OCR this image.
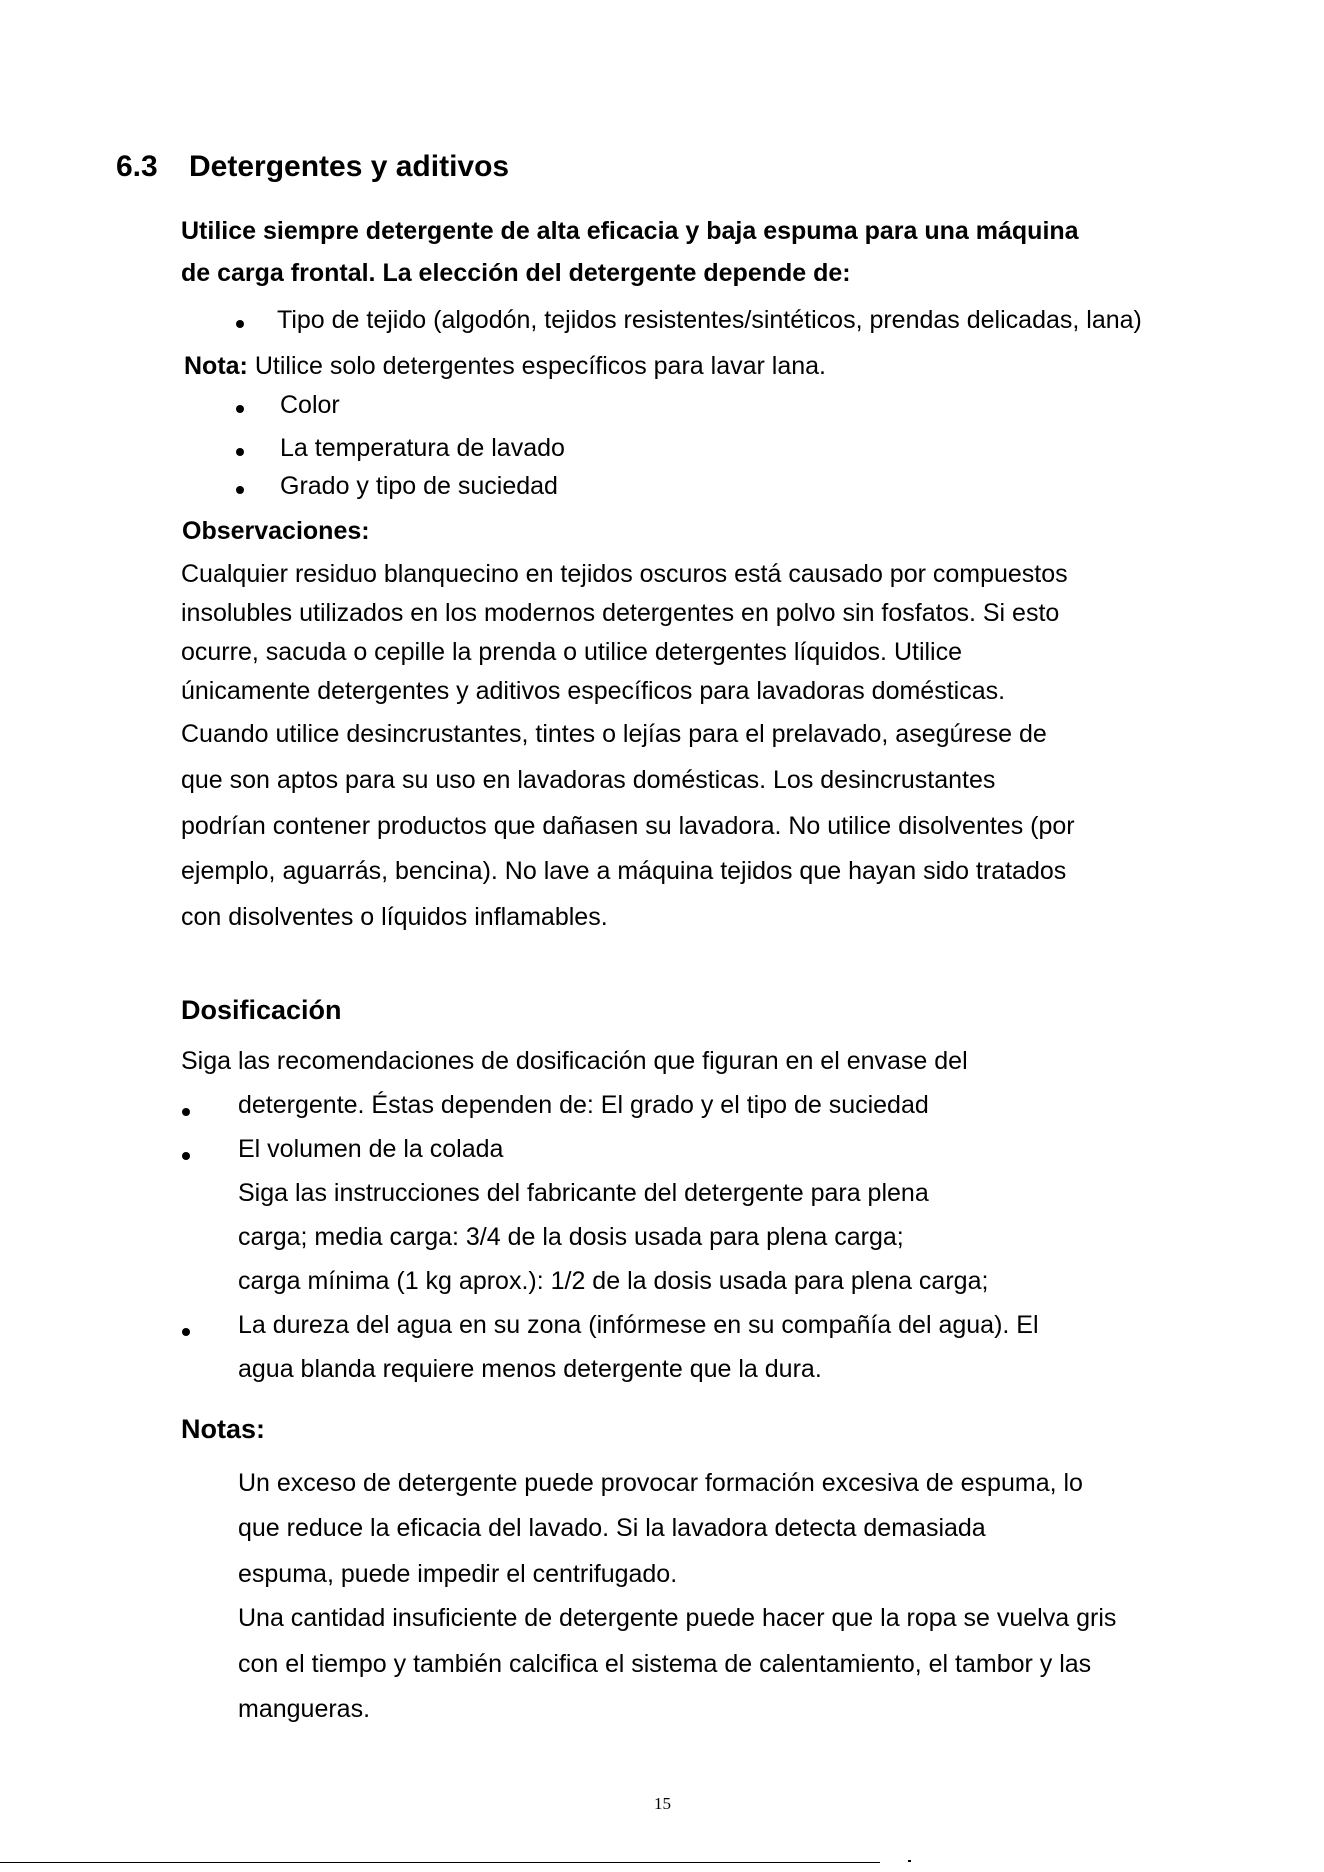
6.3 Detergentes y aditivos
Utilice siempre detergente de alta eficacia y baja espuma para una máquina
de carga frontal. La elección del detergente depende de:
Tipo de tejido (algodón, tejidos resistentes/sintéticos, prendas delicadas, lana)
Nota: Utilice solo detergentes específicos para lavar lana.
Color
La temperatura de lavado
Grado y tipo de suciedad
Observaciones:
Cualquier residuo blanquecino en tejidos oscuros está causado por compuestos
insolubles utilizados en los modernos detergentes en polvo sin fosfatos. Si esto
ocurre, sacuda o cepille la prenda o utilice detergentes líquidos. Utilice
únicamente detergentes y aditivos específicos para lavadoras domésticas.
Cuando utilice desincrustantes, tintes o lejías para el prelavado, asegúrese de
que son aptos para su uso en lavadoras domésticas. Los desincrustantes
podrían contener productos que dañasen su lavadora. No utilice disolventes (por
ejemplo, aguarrás, bencina). No lave a máquina tejidos que hayan sido tratados
con disolventes o líquidos inflamables.
Dosificación
Siga las recomendaciones de dosificación que figuran en el envase del
detergente. Éstas dependen de: El grado y el tipo de suciedad
El volumen de la colada
Siga las instrucciones del fabricante del detergente para plena
carga; media carga: 3/4 de la dosis usada para plena carga;
carga mínima (1 kg aprox.): 1/2 de la dosis usada para plena carga;
La dureza del agua en su zona (infórmese en su compañía del agua). El
agua blanda requiere menos detergente que la dura.
Notas:
Un exceso de detergente puede provocar formación excesiva de espuma, lo
que reduce la eficacia del lavado. Si la lavadora detecta demasiada
espuma, puede impedir el centrifugado.
Una cantidad insuficiente de detergente puede hacer que la ropa se vuelva gris
con el tiempo y también calcifica el sistema de calentamiento, el tambor y las
mangueras.
15
